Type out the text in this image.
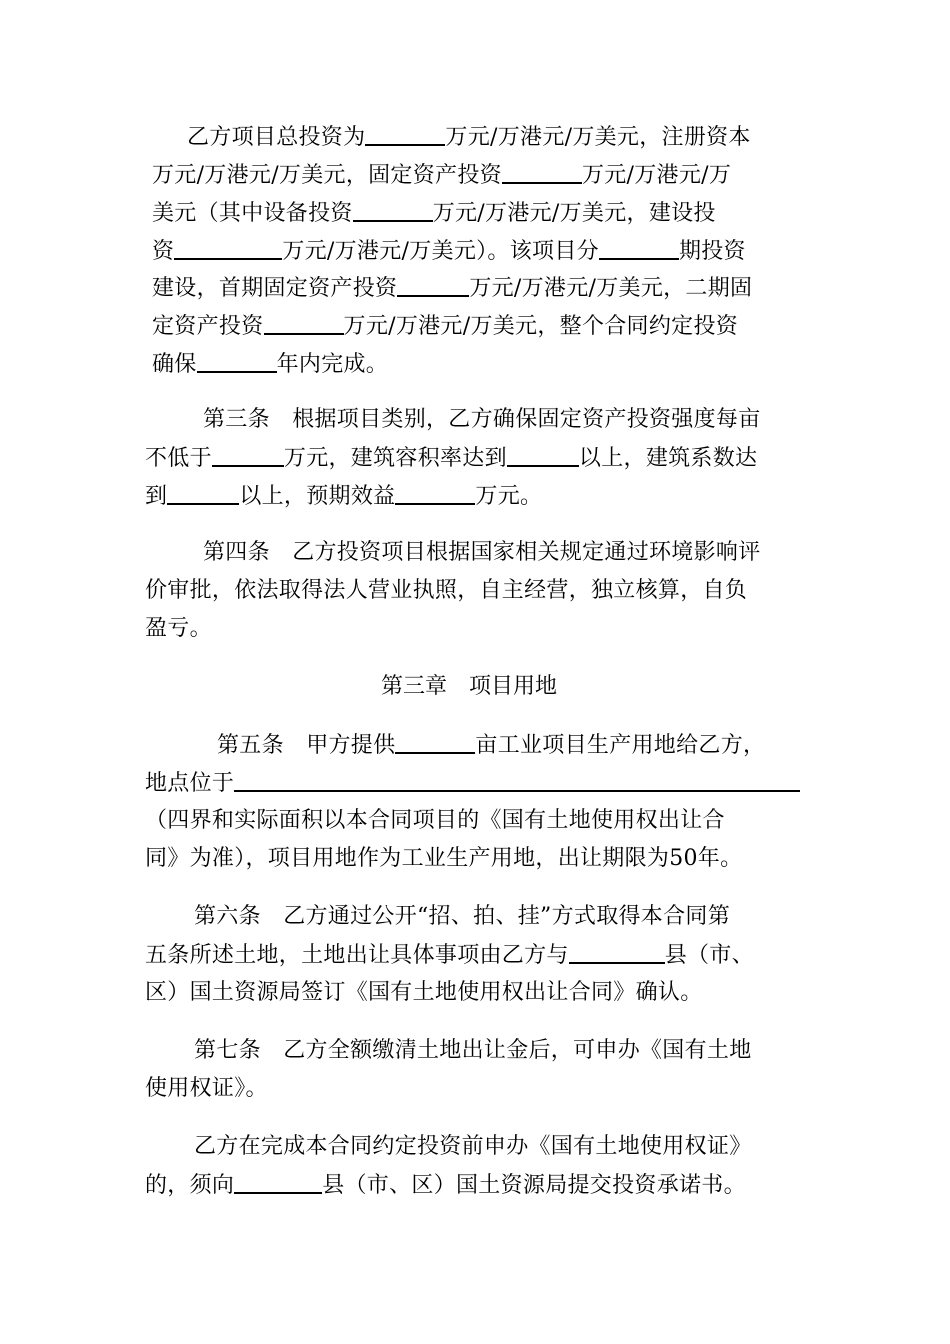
乙方项目总投资为	万元/万港元/万美元，注册资本
万元/万港元/万美元，固定资产投资	万元/万港元/万
美元（其中设备投资	万元/万港元/万美元，建设投
资	万元/万港元/万美元）。该项目分	期投资
建设，首期固定资产投资	万元/万港元/万美元，二期固
定资产投资	万元/万港元/万美元，整个合同约定投资
确保	年内完成。
第三条　根据项目类别，乙方确保固定资产投资强度每亩
不低于	万元，建筑容积率达到	以上，建筑系数达
到	以上，预期效益	万元。
第四条　乙方投资项目根据国家相关规定通过环境影响评
价审批，依法取得法人营业执照，自主经营，独立核算，自负
盈亏。
第三章　项目用地
第五条　甲方提供	亩工业项目生产用地给乙方，
地点位于
（四界和实际面积以本合同项目的《国有土地使用权出让合
同》为准），项目用地作为工业生产用地，出让期限为50年。
第六条　乙方通过公开“招、拍、挂”方式取得本合同第
五条所述土地，土地出让具体事项由乙方与	县（市、
区）国土资源局签订《国有土地使用权出让合同》确认。
第七条　乙方全额缴清土地出让金后，可申办《国有土地
使用权证》。
乙方在完成本合同约定投资前申办《国有土地使用权证》
的，须向	县（市、区）国土资源局提交投资承诺书。
